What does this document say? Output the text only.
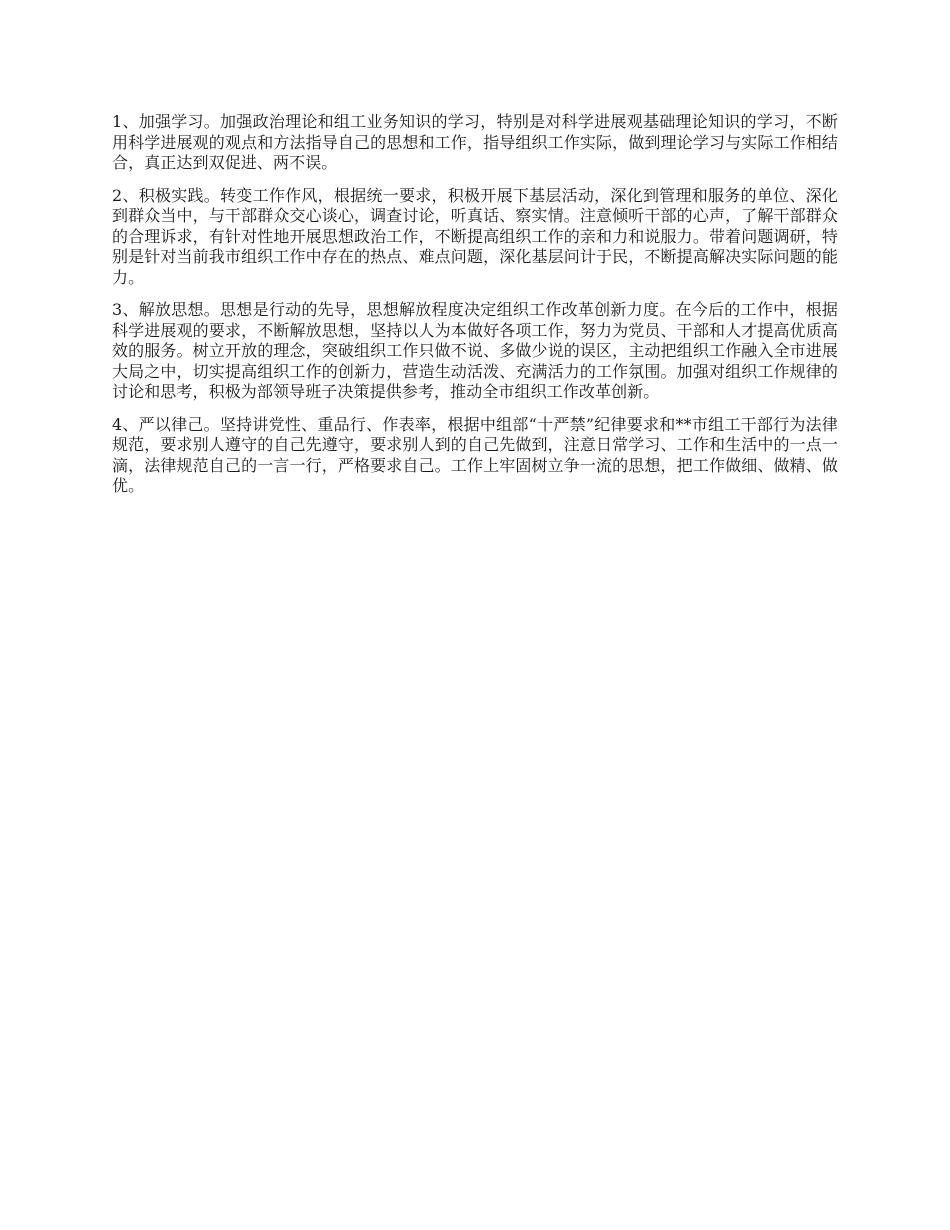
1、加强学习。加强政治理论和组工业务知识的学习，特别是对科学进展观基础理论知识的学习，不断用科学进展观的观点和方法指导自己的思想和工作，指导组织工作实际，做到理论学习与实际工作相结合，真正达到双促进、两不误。

2、积极实践。转变工作作风，根据统一要求，积极开展下基层活动，深化到管理和服务的单位、深化到群众当中，与干部群众交心谈心，调查讨论，听真话、察实情。注意倾听干部的心声，了解干部群众的合理诉求，有针对性地开展思想政治工作，不断提高组织工作的亲和力和说服力。带着问题调研，特别是针对当前我市组织工作中存在的热点、难点问题，深化基层问计于民，不断提高解决实际问题的能力。

3、解放思想。思想是行动的先导，思想解放程度决定组织工作改革创新力度。在今后的工作中，根据科学进展观的要求，不断解放思想，坚持以人为本做好各项工作，努力为党员、干部和人才提高优质高效的服务。树立开放的理念，突破组织工作只做不说、多做少说的误区，主动把组织工作融入全市进展大局之中，切实提高组织工作的创新力，营造生动活泼、充满活力的工作氛围。加强对组织工作规律的讨论和思考，积极为部领导班子决策提供参考，推动全市组织工作改革创新。

4、严以律己。坚持讲党性、重品行、作表率，根据中组部“十严禁”纪律要求和**市组工干部行为法律规范，要求别人遵守的自己先遵守，要求别人到的自己先做到，注意日常学习、工作和生活中的一点一滴，法律规范自己的一言一行，严格要求自己。工作上牢固树立争一流的思想，把工作做细、做精、做优。
